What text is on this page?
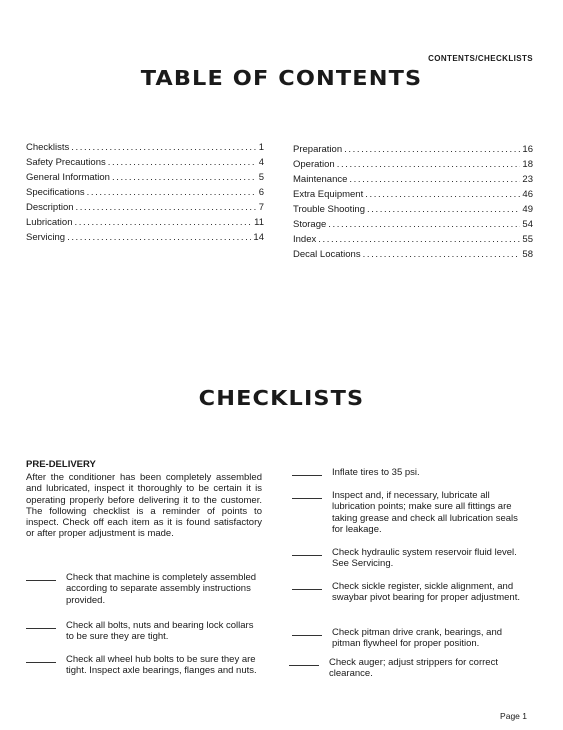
CONTENTS/CHECKLISTS
TABLE OF CONTENTS
Checklists .....	1
Safety Precautions .....	4
General Information .....	5
Specifications .....	6
Description .....	7
Lubrication .....	11
Servicing .....	14
Preparation .....	16
Operation .....	18
Maintenance .....	23
Extra Equipment .....	46
Trouble Shooting .....	49
Storage .....	54
Index .....	55
Decal Locations .....	58
CHECKLISTS
PRE-DELIVERY
After the conditioner has been completely assembled and lubricated, inspect it thoroughly to be certain it is operating properly before delivering it to the customer. The following checklist is a reminder of points to inspect. Check off each item as it is found satisfactory or after proper adjustment is made.
Check that machine is completely assembled according to separate assembly instructions provided.
Check all bolts, nuts and bearing lock collars to be sure they are tight.
Check all wheel hub bolts to be sure they are tight. Inspect axle bearings, flanges and nuts.
Inflate tires to 35 psi.
Inspect and, if necessary, lubricate all lubrication points; make sure all fittings are taking grease and check all lubrication seals for leakage.
Check hydraulic system reservoir fluid level. See Servicing.
Check sickle register, sickle alignment, and swaybar pivot bearing for proper adjustment.
Check pitman drive crank, bearings, and pitman flywheel for proper position.
Check auger; adjust strippers for correct clearance.
Page 1
